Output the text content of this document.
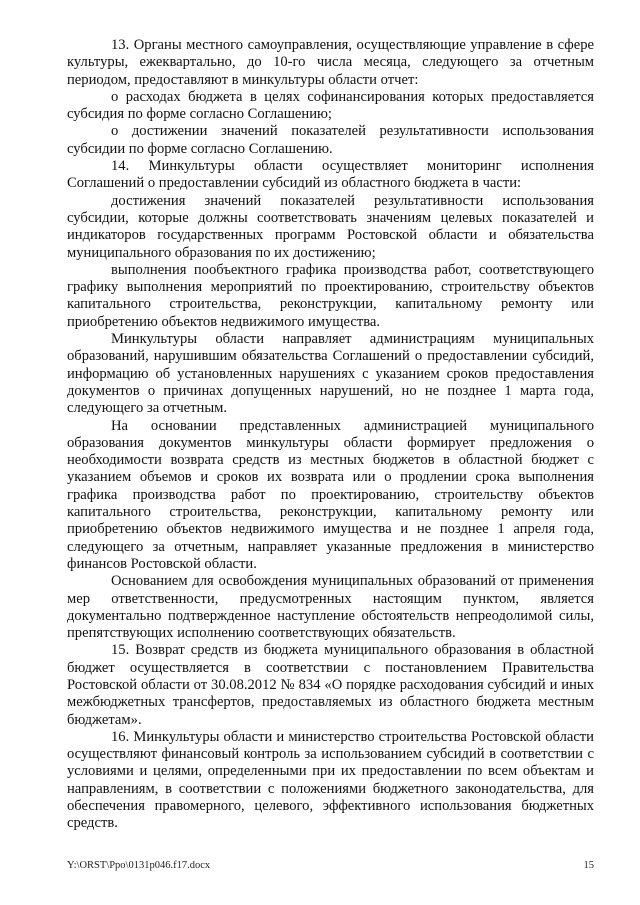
13. Органы местного самоуправления, осуществляющие управление в сфере культуры, ежеквартально, до 10-го числа месяца, следующего за отчетным периодом, предоставляют в минкультуры области отчет:

о расходах бюджета в целях софинансирования которых предоставляется субсидия по форме согласно Соглашению;

о достижении значений показателей результативности использования субсидии по форме согласно Соглашению.

14. Минкультуры области осуществляет мониторинг исполнения Соглашений о предоставлении субсидий из областного бюджета в части:

достижения значений показателей результативности использования субсидии, которые должны соответствовать значениям целевых показателей и индикаторов государственных программ Ростовской области и обязательства муниципального образования по их достижению;

выполнения пообъектного графика производства работ, соответствующего графику выполнения мероприятий по проектированию, строительству объектов капитального строительства, реконструкции, капитальному ремонту или приобретению объектов недвижимого имущества.

Минкультуры области направляет администрациям муниципальных образований, нарушившим обязательства Соглашений о предоставлении субсидий, информацию об установленных нарушениях с указанием сроков предоставления документов о причинах допущенных нарушений, но не позднее 1 марта года, следующего за отчетным.

На основании представленных администрацией муниципального образования документов минкультуры области формирует предложения о необходимости возврата средств из местных бюджетов в областной бюджет с указанием объемов и сроков их возврата или о продлении срока выполнения графика производства работ по проектированию, строительству объектов капитального строительства, реконструкции, капитальному ремонту или приобретению объектов недвижимого имущества и не позднее 1 апреля года, следующего за отчетным, направляет указанные предложения в министерство финансов Ростовской области.

Основанием для освобождения муниципальных образований от применения мер ответственности, предусмотренных настоящим пунктом, является документально подтвержденное наступление обстоятельств непреодолимой силы, препятствующих исполнению соответствующих обязательств.

15. Возврат средств из бюджета муниципального образования в областной бюджет осуществляется в соответствии с постановлением Правительства Ростовской области от 30.08.2012 № 834 «О порядке расходования субсидий и иных межбюджетных трансфертов, предоставляемых из областного бюджета местным бюджетам».

16. Минкультуры области и министерство строительства Ростовской области осуществляют финансовый контроль за использованием субсидий в соответствии с условиями и целями, определенными при их предоставлении по всем объектам и направлениям, в соответствии с положениями бюджетного законодательства, для обеспечения правомерного, целевого, эффективного использования бюджетных средств.

Y:\ORST\Ppo\0131p046.f17.docx	15
